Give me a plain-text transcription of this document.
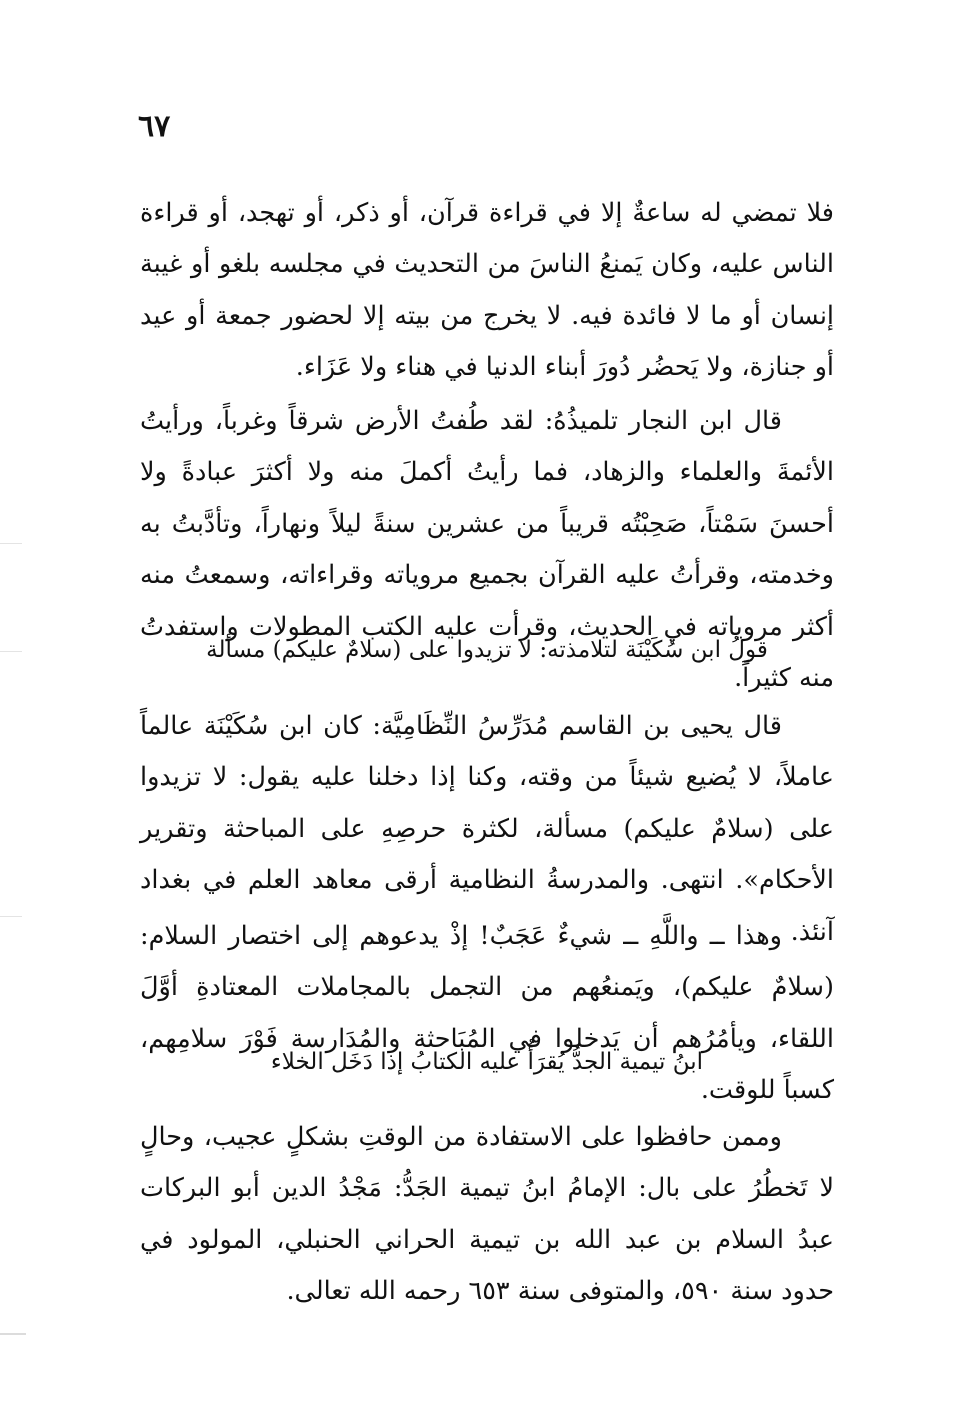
٦٧

فلا تمضي له ساعةٌ إلا في قراءة قرآن، أو ذكر، أو تهجد، أو قراءة الناس عليه، وكان يَمنعُ الناسَ من التحديث في مجلسه بلغو أو غيبة إنسان أو ما لا فائدة فيه. لا يخرج من بيته إلا لحضور جمعة أو عيد أو جنازة، ولا يَحضُر دُورَ أبناء الدنيا في هناء ولا عَزَاء.

قال ابن النجار تلميذُهُ: لقد طُفتُ الأرض شرقاً وغرباً، ورأيتُ الأئمةَ والعلماء والزهاد، فما رأيتُ أكملَ منه ولا أكثرَ عبادةً ولا أحسنَ سَمْتاً، صَحِبْتُه قريباً من عشرين سنةً ليلاً ونهاراً، وتأدَّبتُ به وخدمته، وقرأتُ عليه القرآن بجميع مروياته وقراءاته، وسمعتُ منه أكثر مروياته في الحديث، وقرأت عليه الكتب المطولات واستفدتُ منه كثيراً.

قولُ ابن سُكَيْنَة لتلامذته: لا تزيدوا على (سلامٌ عليكم) مسألة

قال يحيى بن القاسم مُدَرِّسُ النِّظَامِيَّة: كان ابن سُكَيْنَة عالماً عاملاً، لا يُضيع شيئاً من وقته، وكنا إذا دخلنا عليه يقول: لا تزيدوا على (سلامٌ عليكم) مسألة، لكثرة حرصِهِ على المباحثة وتقرير الأحكام». انتهى. والمدرسةُ النظامية أرقى معاهد العلم في بغداد آنئذ.

وهذا ــ واللَّهِ ــ شيءٌ عَجَبٌ! إذْ يدعوهم إلى اختصار السلام: (سلامٌ عليكم)، ويَمنعُهم من التجمل بالمجاملات المعتادةِ أوَّلَ اللقاء، ويأمُرُهم أن يَدخلوا في المُبَاحثة والمُدَارسة فَوْرَ سلامِهم، كسباً للوقت.

ابنُ تيمية الجدُّ يُقرَأُ عليه الكتابُ إذا دَخَل الخلاء

وممن حافظوا على الاستفادة من الوقتِ بشكلٍ عجيب، وحالٍ لا تَخطُرُ على بال: الإمامُ ابنُ تيمية الجَدُّ: مَجْدُ الدين أبو البركات عبدُ السلام بن عبد الله بن تيمية الحراني الحنبلي، المولود في حدود سنة ٥٩٠، والمتوفى سنة ٦٥٣ رحمه الله تعالى.
